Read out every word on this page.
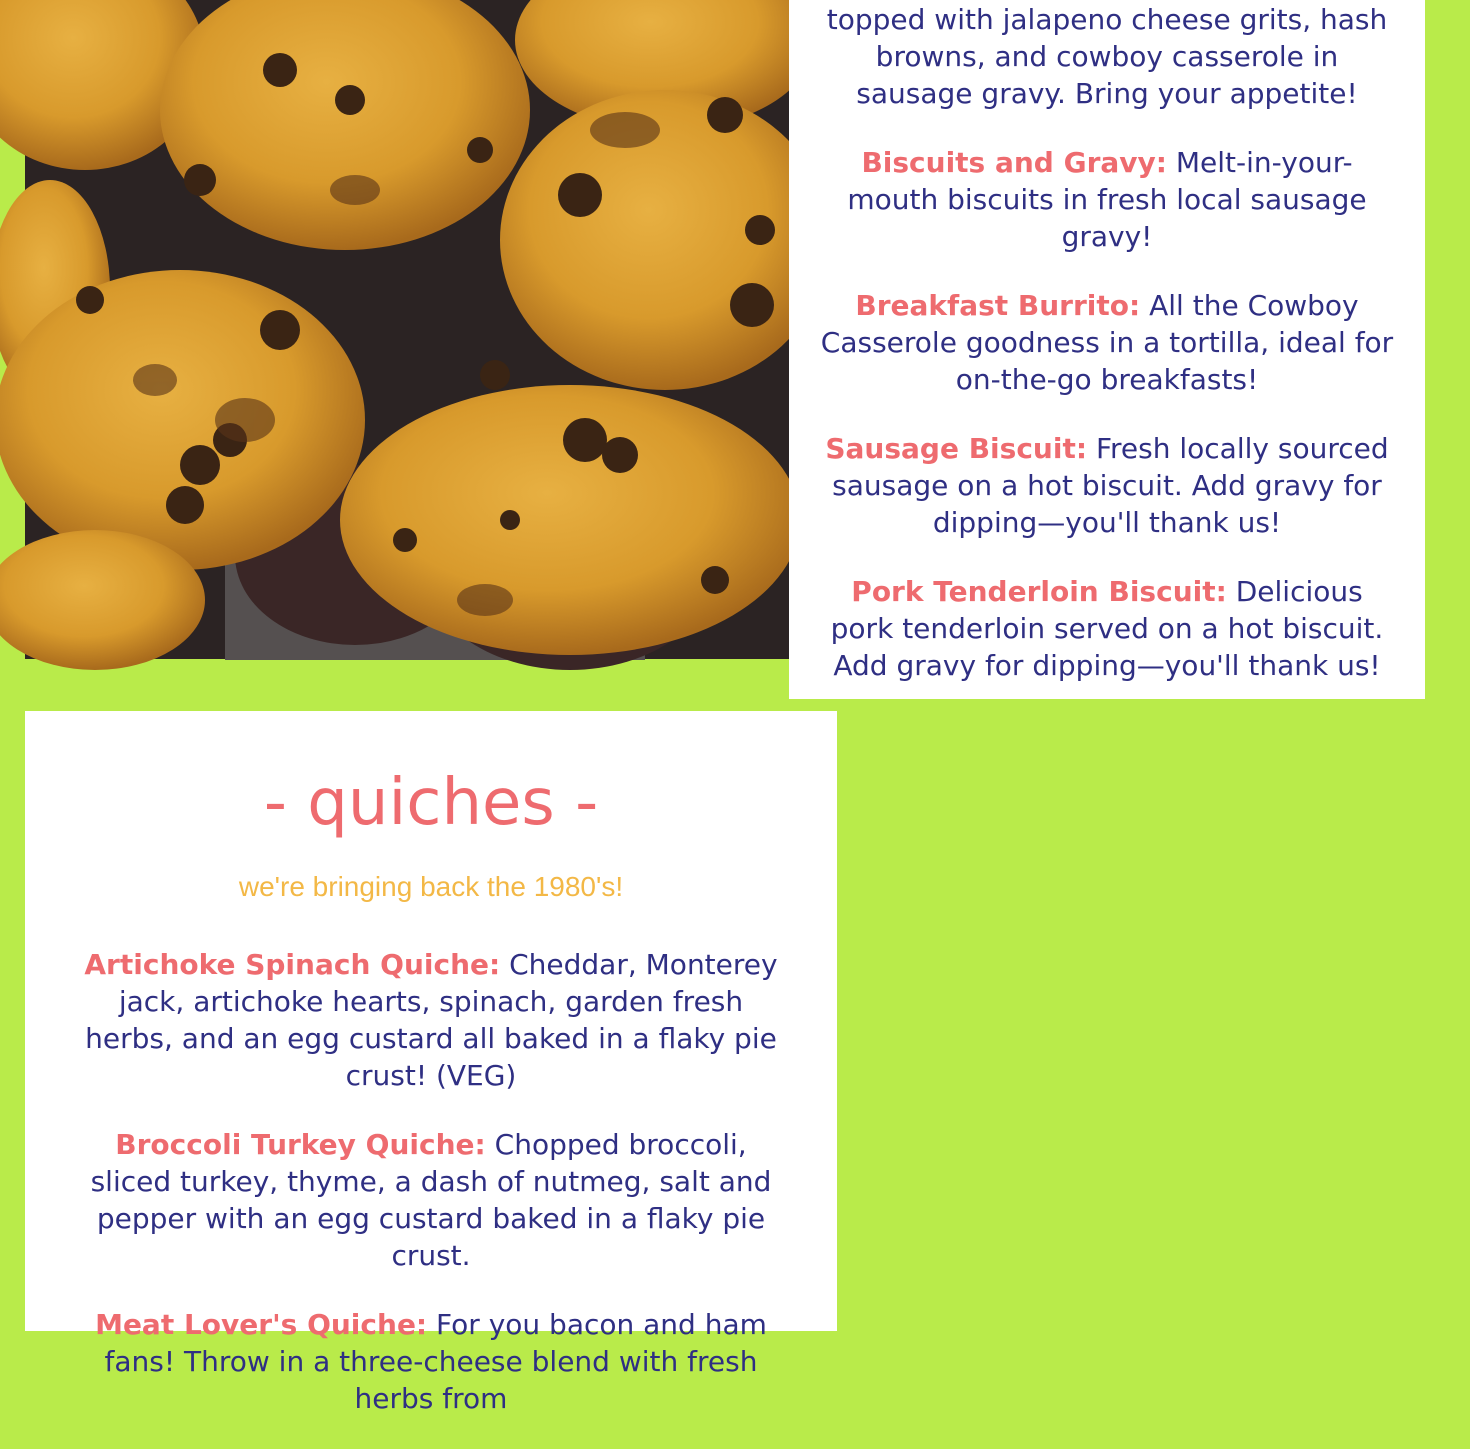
topped with jalapeno cheese grits, hash browns, and cowboy casserole in sausage gravy. Bring your appetite!

Biscuits and Gravy: Melt-in-your-mouth biscuits in fresh local sausage gravy!

Breakfast Burrito: All the Cowboy Casserole goodness in a tortilla, ideal for on-the-go breakfasts!

Sausage Biscuit: Fresh locally sourced sausage on a hot biscuit. Add gravy for dipping—you'll thank us!

Pork Tenderloin Biscuit: Delicious pork tenderloin served on a hot biscuit. Add gravy for dipping—you'll thank us!

- quiches -
we're bringing back the 1980's!

Artichoke Spinach Quiche: Cheddar, Monterey jack, artichoke hearts, spinach, garden fresh herbs, and an egg custard all baked in a flaky pie crust! (VEG)

Broccoli Turkey Quiche: Chopped broccoli, sliced turkey, thyme, a dash of nutmeg, salt and pepper with an egg custard baked in a flaky pie crust.

Meat Lover's Quiche: For you bacon and ham fans! Throw in a three-cheese blend with fresh herbs from
